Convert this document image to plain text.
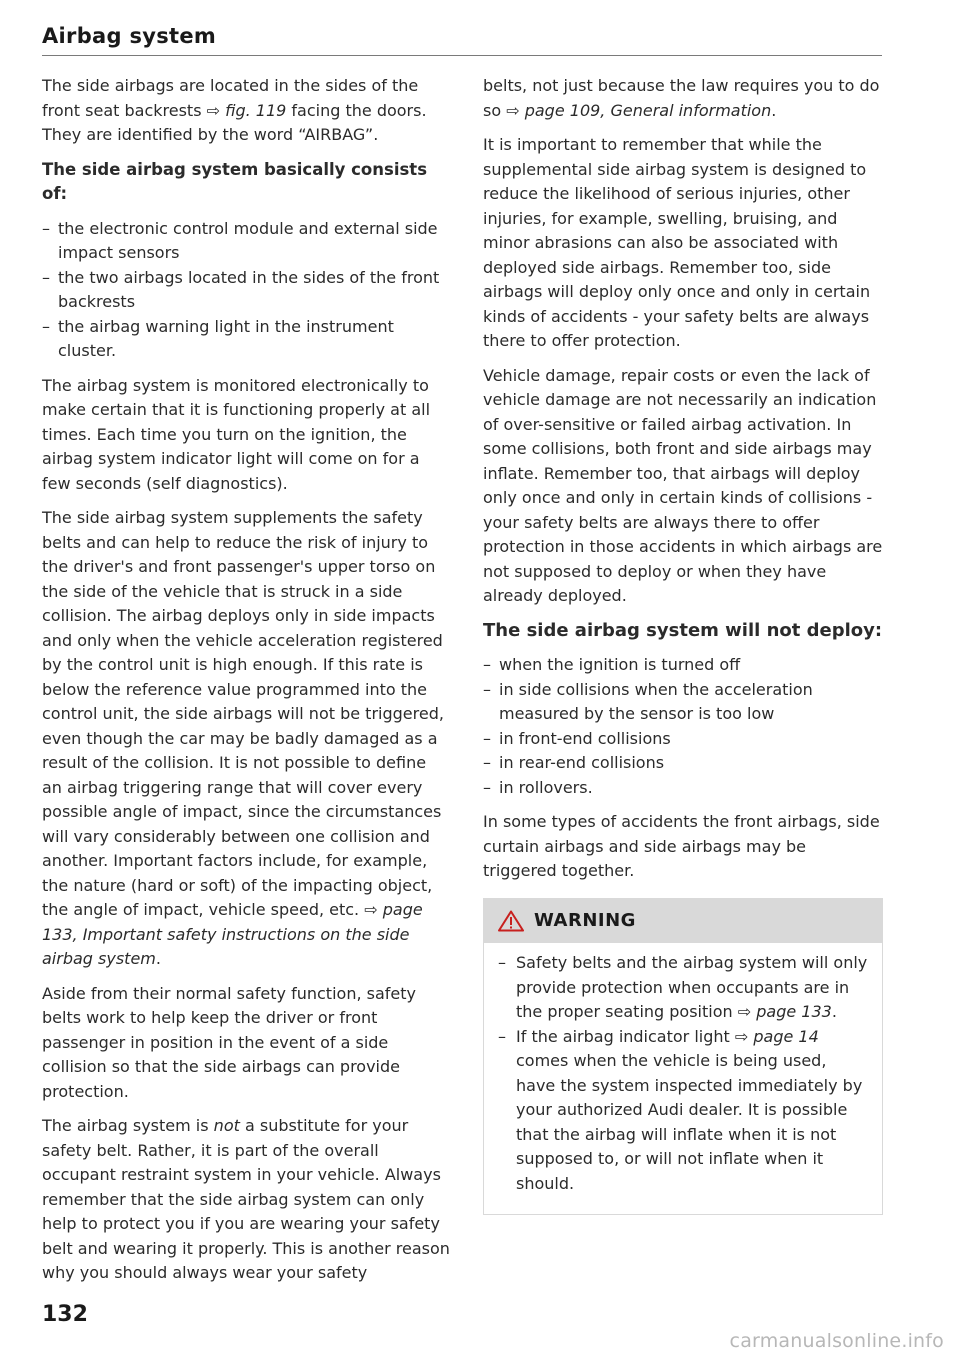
Airbag system

The side airbags are located in the sides of the front seat backrests ⇨ fig. 119 facing the doors. They are identified by the word “AIRBAG”.

The side airbag system basically consists of:
– the electronic control module and external side impact sensors
– the two airbags located in the sides of the front backrests
– the airbag warning light in the instrument cluster.

The airbag system is monitored electronically to make certain that it is functioning properly at all times. Each time you turn on the ignition, the airbag system indicator light will come on for a few seconds (self diagnostics).

The side airbag system supplements the safety belts and can help to reduce the risk of injury to the driver's and front passenger's upper torso on the side of the vehicle that is struck in a side collision. The airbag deploys only in side impacts and only when the vehicle acceleration registered by the control unit is high enough. If this rate is below the reference value programmed into the control unit, the side airbags will not be triggered, even though the car may be badly damaged as a result of the collision. It is not possible to define an airbag triggering range that will cover every possible angle of impact, since the circumstances will vary considerably between one collision and another. Important factors include, for example, the nature (hard or soft) of the impacting object, the angle of impact, vehicle speed, etc. ⇨ page 133, Important safety instructions on the side airbag system.

Aside from their normal safety function, safety belts work to help keep the driver or front passenger in position in the event of a side collision so that the side airbags can provide protection.

The airbag system is not a substitute for your safety belt. Rather, it is part of the overall occupant restraint system in your vehicle. Always remember that the side airbag system can only help to protect you if you are wearing your safety belt and wearing it properly. This is another reason why you should always wear your safety

belts, not just because the law requires you to do so ⇨ page 109, General information.

It is important to remember that while the supplemental side airbag system is designed to reduce the likelihood of serious injuries, other injuries, for example, swelling, bruising, and minor abrasions can also be associated with deployed side airbags. Remember too, side airbags will deploy only once and only in certain kinds of accidents - your safety belts are always there to offer protection.

Vehicle damage, repair costs or even the lack of vehicle damage are not necessarily an indication of over-sensitive or failed airbag activation. In some collisions, both front and side airbags may inflate. Remember too, that airbags will deploy only once and only in certain kinds of collisions - your safety belts are always there to offer protection in those accidents in which airbags are not supposed to deploy or when they have already deployed.

The side airbag system will not deploy:
– when the ignition is turned off
– in side collisions when the acceleration measured by the sensor is too low
– in front-end collisions
– in rear-end collisions
– in rollovers.

In some types of accidents the front airbags, side curtain airbags and side airbags may be triggered together.

WARNING
– Safety belts and the airbag system will only provide protection when occupants are in the proper seating position ⇨ page 133.
– If the airbag indicator light ⇨ page 14 comes when the vehicle is being used, have the system inspected immediately by your authorized Audi dealer. It is possible that the airbag will inflate when it is not supposed to, or will not inflate when it should.
132
carmanualsonline.info
